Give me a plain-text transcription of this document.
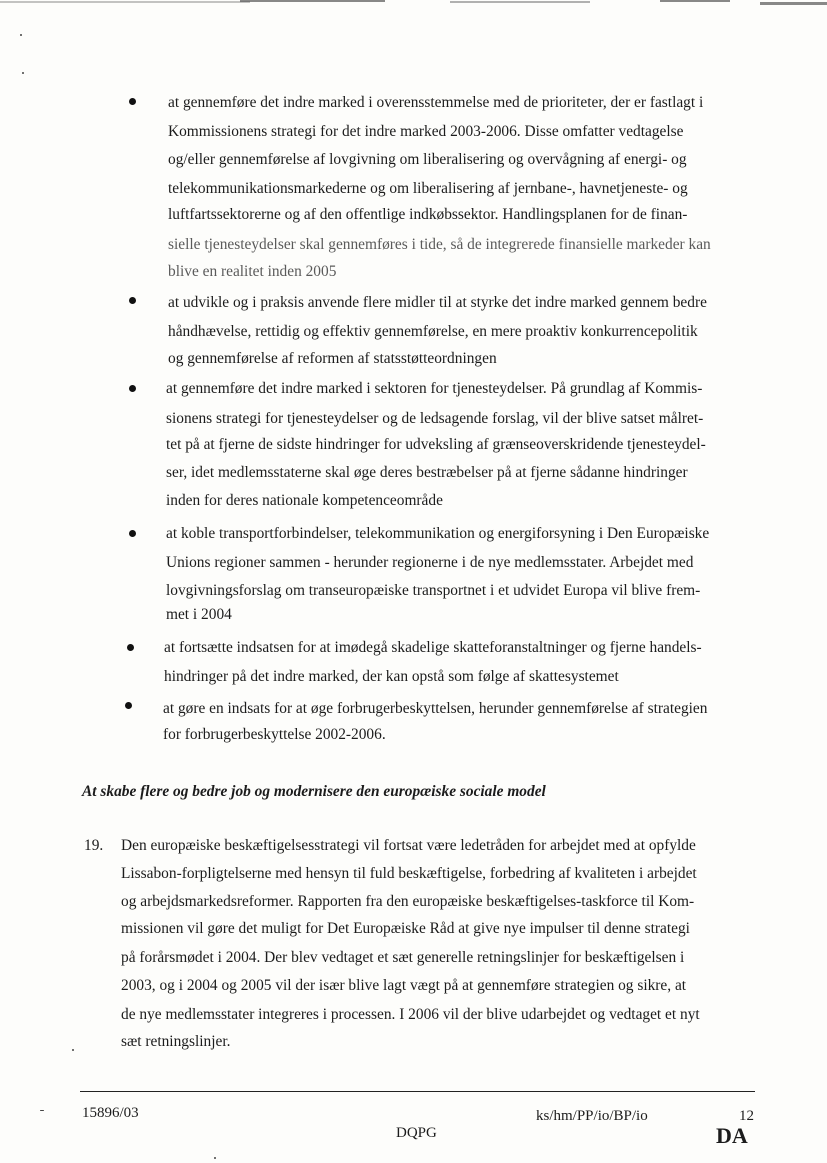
at gennemføre det indre marked i overensstemmelse med de prioriteter, der er fastlagt i
Kommissionens strategi for det indre marked 2003-2006. Disse omfatter vedtagelse
og/eller gennemførelse af lovgivning om liberalisering og overvågning af energi- og
telekommunikationsmarkederne og om liberalisering af jernbane-, havnetjeneste- og
luftfartssektorerne og af den offentlige indkøbssektor. Handlingsplanen for de finan-
sielle tjenesteydelser skal gennemføres i tide, så de integrerede finansielle markeder kan
blive en realitet inden 2005
at udvikle og i praksis anvende flere midler til at styrke det indre marked gennem bedre
håndhævelse, rettidig og effektiv gennemførelse, en mere proaktiv konkurrencepolitik
og gennemførelse af reformen af statsstøtteordningen
at gennemføre det indre marked i sektoren for tjenesteydelser. På grundlag af Kommis-
sionens strategi for tjenesteydelser og de ledsagende forslag, vil der blive satset målret-
tet på at fjerne de sidste hindringer for udveksling af grænseoverskridende tjenesteydel-
ser, idet medlemsstaterne skal øge deres bestræbelser på at fjerne sådanne hindringer
inden for deres nationale kompetenceområde
at koble transportforbindelser, telekommunikation og energiforsyning i Den Europæiske
Unions regioner sammen - herunder regionerne i de nye medlemsstater. Arbejdet med
lovgivningsforslag om transeuropæiske transportnet i et udvidet Europa vil blive frem-
met i 2004
at fortsætte indsatsen for at imødegå skadelige skatteforanstaltninger og fjerne handels-
hindringer på det indre marked, der kan opstå som følge af skattesystemet
at gøre en indsats for at øge forbrugerbeskyttelsen, herunder gennemførelse af strategien
for forbrugerbeskyttelse 2002-2006.
At skabe flere og bedre job og modernisere den europæiske sociale model
19. Den europæiske beskæftigelsesstrategi vil fortsat være ledetråden for arbejdet med at opfylde
Lissabon-forpligtelserne med hensyn til fuld beskæftigelse, forbedring af kvaliteten i arbejdet
og arbejdsmarkedsreformer. Rapporten fra den europæiske beskæftigelses-taskforce til Kom-
missionen vil gøre det muligt for Det Europæiske Råd at give nye impulser til denne strategi
på forårsmødet i 2004. Der blev vedtaget et sæt generelle retningslinjer for beskæftigelsen i
2003, og i 2004 og 2005 vil der især blive lagt vægt på at gennemføre strategien og sikre, at
de nye medlemsstater integreres i processen. I 2006 vil der blive udarbejdet og vedtaget et nyt
sæt retningslinjer.
15896/03	ks/hm/PP/io/BP/io	12
DQPG	DA
